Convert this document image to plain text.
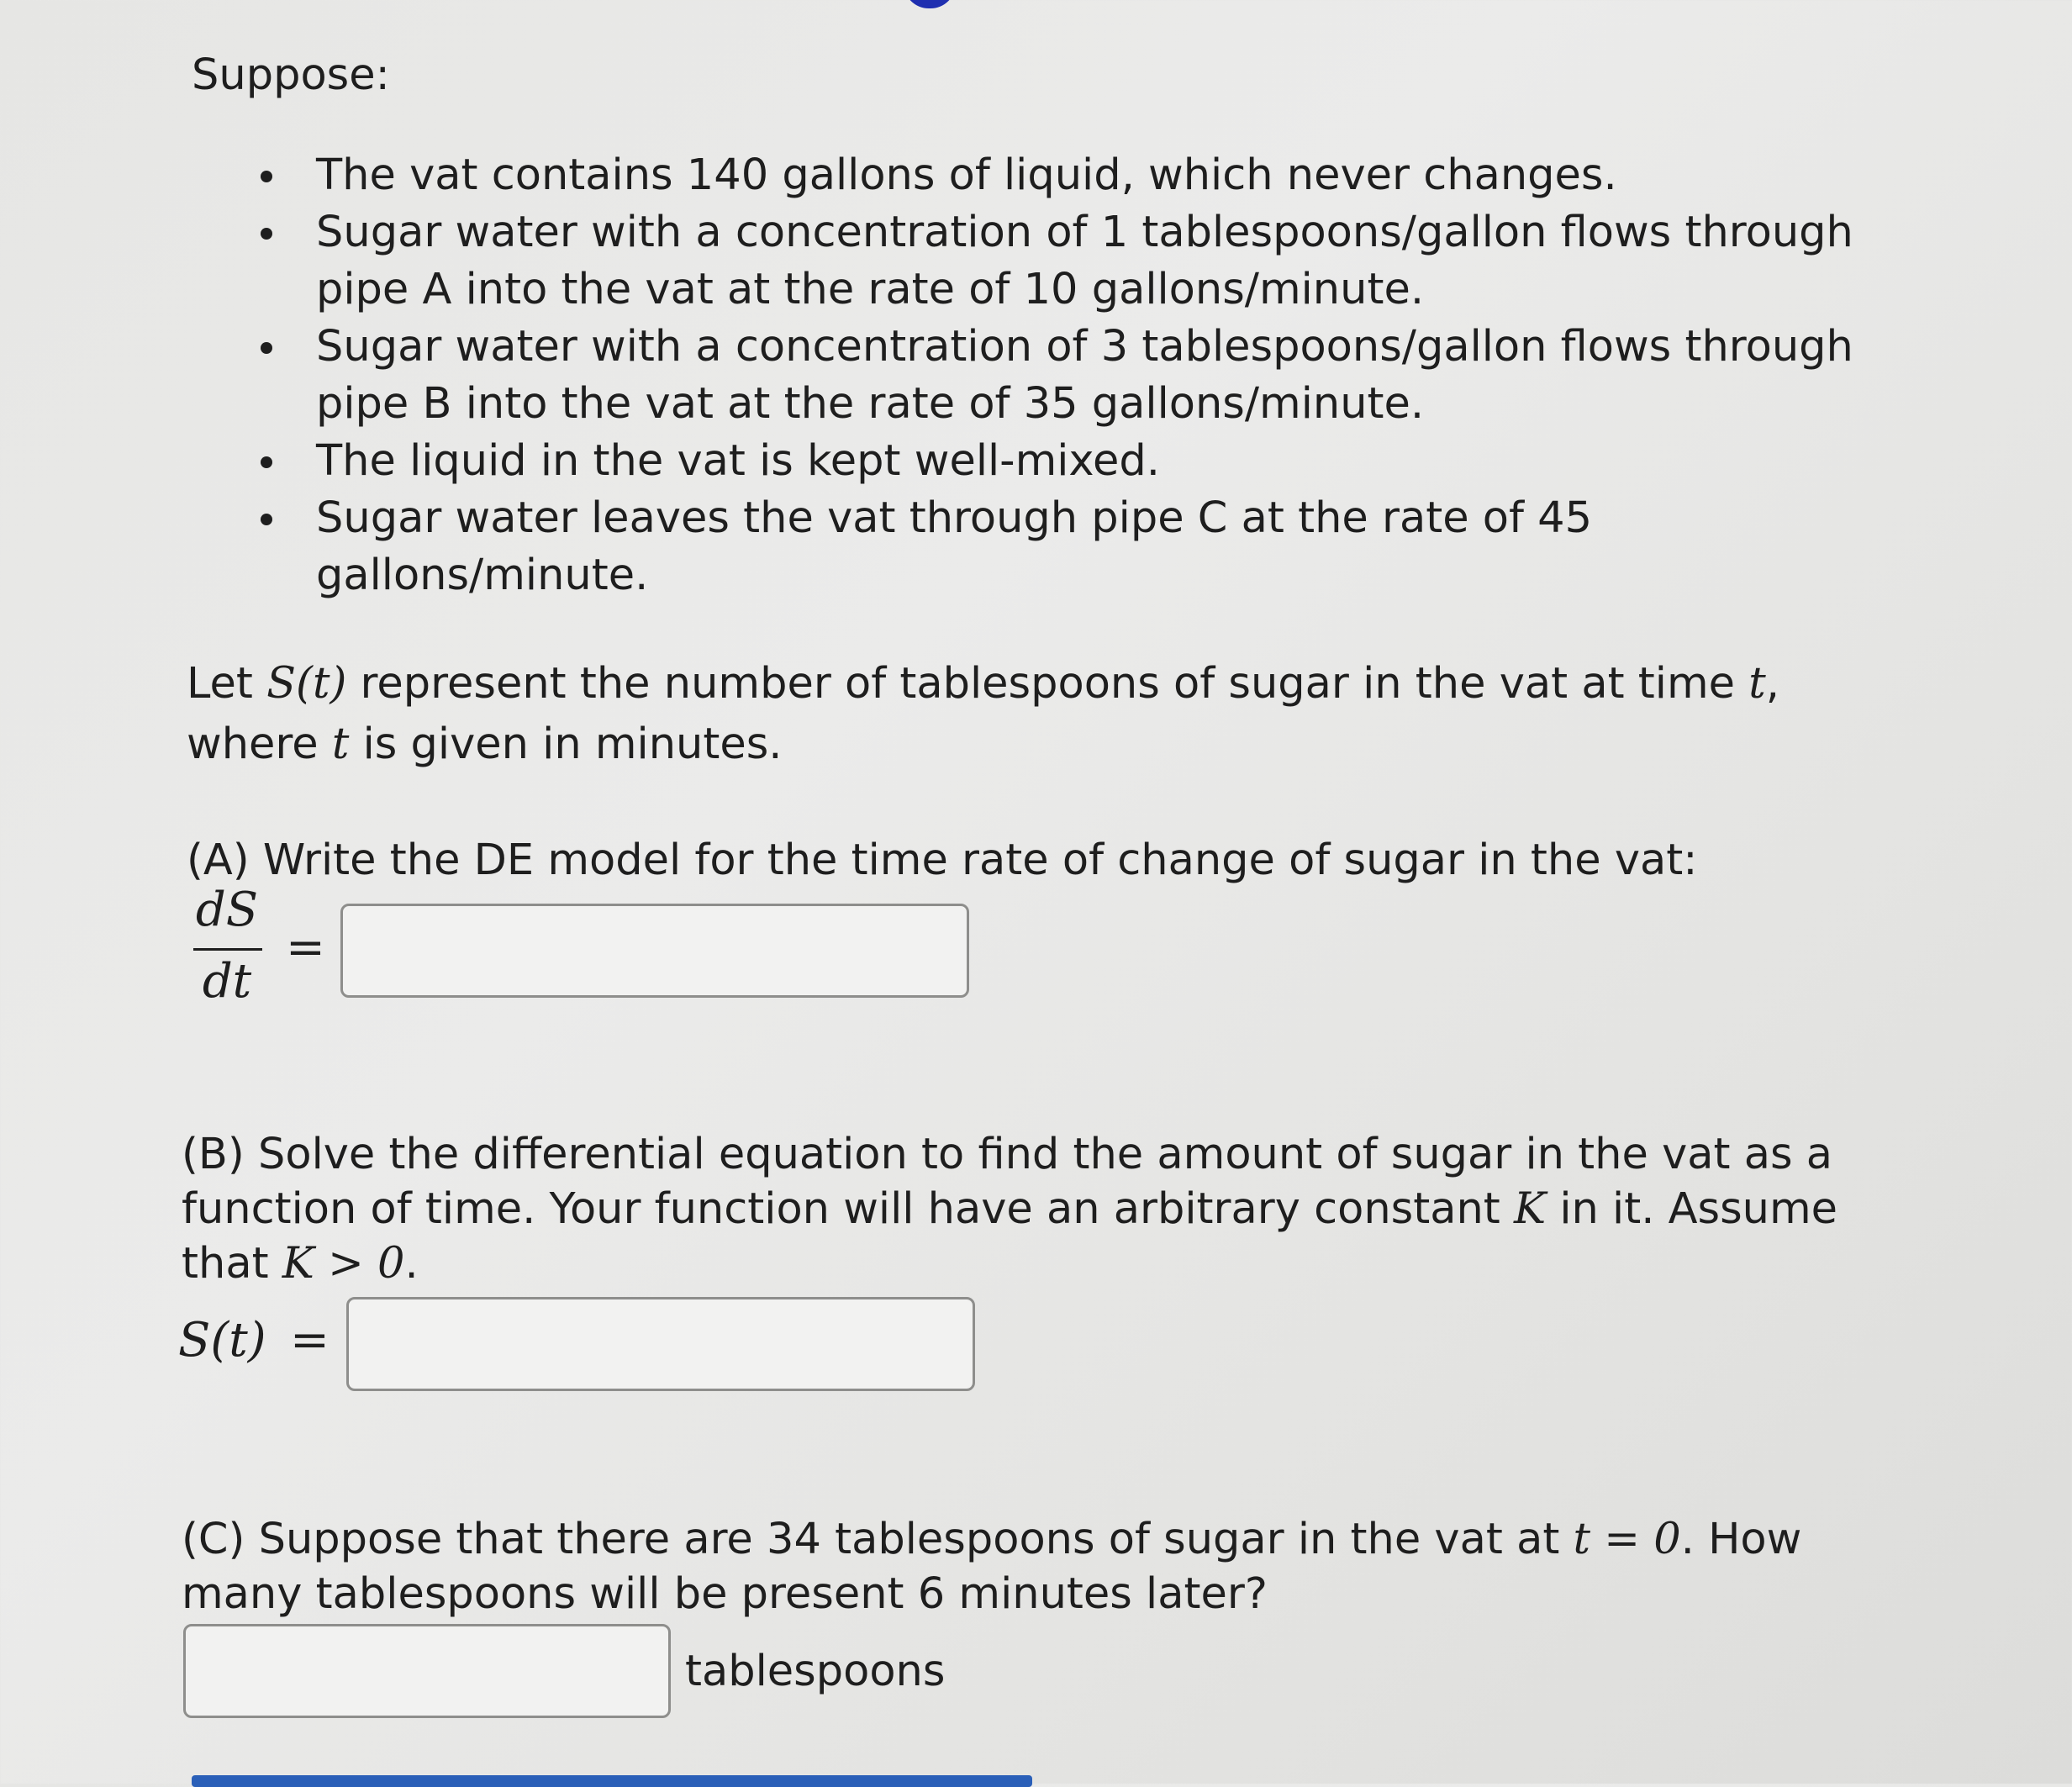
Suppose:

The vat contains 140 gallons of liquid, which never changes.
Sugar water with a concentration of 1 tablespoons/gallon flows through pipe A into the vat at the rate of 10 gallons/minute.
Sugar water with a concentration of 3 tablespoons/gallon flows through pipe B into the vat at the rate of 35 gallons/minute.
The liquid in the vat is kept well-mixed.
Sugar water leaves the vat through pipe C at the rate of 45 gallons/minute.

Let S(t) represent the number of tablespoons of sugar in the vat at time t,

where t is given in minutes.

(A) Write the DE model for the time rate of change of sugar in the vat:

dS
dt
=

(B) Solve the differential equation to find the amount of sugar in the vat as a

function of time. Your function will have an arbitrary constant K in it. Assume

that K > 0.

S(t) =

(C) Suppose that there are 34 tablespoons of sugar in the vat at t = 0. How

many tablespoons will be present 6 minutes later?

tablespoons
